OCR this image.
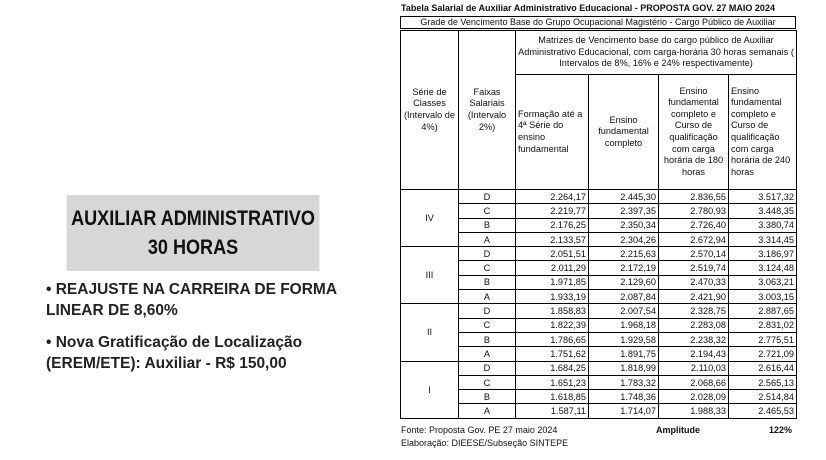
AUXILIAR ADMINISTRATIVO
30 HORAS
• REAJUSTE NA CARREIRA DE FORMA LINEAR DE 8,60%
• Nova Gratificação de Localização (EREM/ETE): Auxiliar - R$ 150,00
Tabela Salarial de Auxiliar Administrativo Educacional - PROPOSTA GOV. 27 MAIO 2024
Grade de Vencimento Base do Grupo Ocupacional Magistério - Cargo Público de Auxiliar
Série de Classes (Intervalo de 4%)	Faixas Salariais (Intervalo 2%)	Matrizes de Vencimento base do cargo público de Auxiliar Administrativo Educacional, com carga-horária 30 horas semanais ( Intervalos de 8%, 16% e 24% respectivamente)			
		Formação até a 4ª Série do ensino fundamental	Ensino fundamental completo	Ensino fundamental completo e Curso de qualificação com carga horária de 180 horas	Ensino fundamental completo e Curso de qualificação com carga horária de 240 horas
IV	D	2.264,17	2.445,30	2.836,55	3.517,32
	C	2.219,77	2.397,35	2.780,93	3.448,35
	B	2.176,25	2.350,34	2.726,40	3.380,74
	A	2.133,57	2.304,26	2.672,94	3.314,45
III	D	2.051,51	2.215,63	2.570,14	3.186,97
	C	2.011,29	2.172,19	2.519,74	3.124,48
	B	1.971,85	2.129,60	2.470,33	3.063,21
	A	1.933,19	2.087,84	2.421,90	3.003,15
II	D	1.858,83	2.007,54	2.328,75	2.887,65
	C	1.822,39	1.968,18	2.283,08	2.831,02
	B	1.786,65	1.929,58	2.238,32	2.775,51
	A	1.751,62	1.891,75	2.194,43	2.721,09
I	D	1.684,25	1.818,99	2.110,03	2.616,44
	C	1.651,23	1.783,32	2.068,66	2.565,13
	B	1.618,85	1.748,36	2.028,09	2.514,84
	A	1.587,11	1.714,07	1.988,33	2.465,53
Fonte: Proposta Gov. PE 27 maio 2024	Amplitude	122%
Elaboração: DIEESE/Subseção SINTEPE
